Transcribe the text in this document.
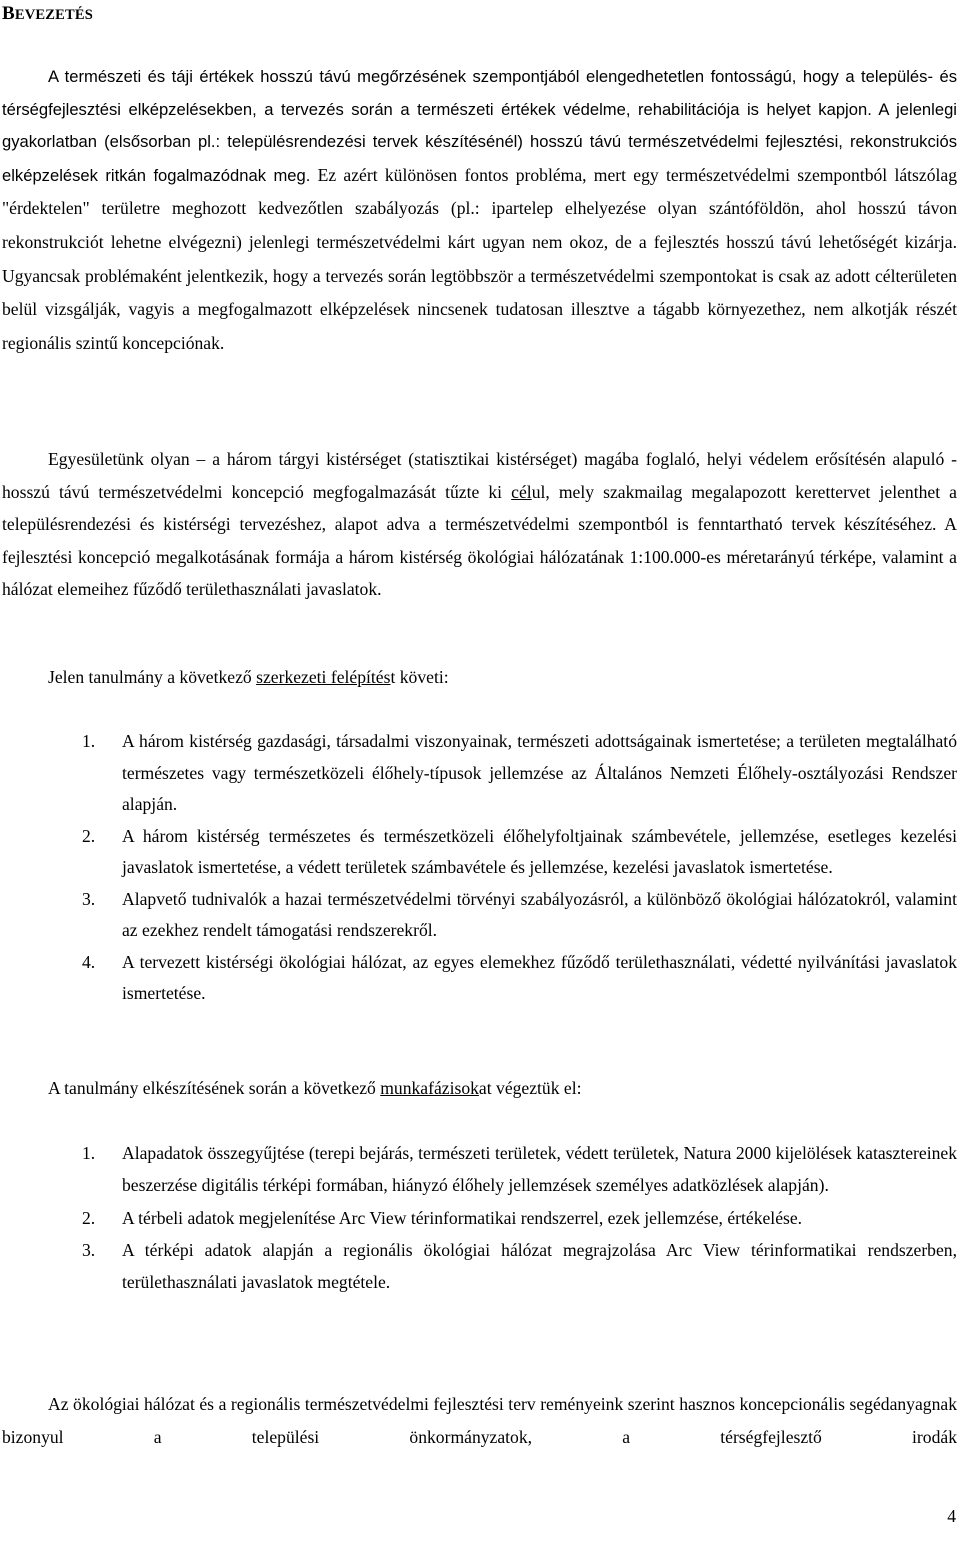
BEVEZETÉS

A természeti és táji értékek hosszú távú megőrzésének szempontjából elengedhetetlen fontosságú, hogy a település- és térségfejlesztési elképzelésekben, a tervezés során a természeti értékek védelme, rehabilitációja is helyet kapjon. A jelenlegi gyakorlatban (elsősorban pl.: településrendezési tervek készítésénél) hosszú távú természetvédelmi fejlesztési, rekonstrukciós elképzelések ritkán fogalmazódnak meg. Ez azért különösen fontos probléma, mert egy természetvédelmi szempontból látszólag "érdektelen" területre meghozott kedvezőtlen szabályozás (pl.: ipartelep elhelyezése olyan szántóföldön, ahol hosszú távon rekonstrukciót lehetne elvégezni) jelenlegi természetvédelmi kárt ugyan nem okoz, de a fejlesztés hosszú távú lehetőségét kizárja. Ugyancsak problémaként jelentkezik, hogy a tervezés során legtöbbször a természetvédelmi szempontokat is csak az adott célterületen belül vizsgálják, vagyis a megfogalmazott elképzelések nincsenek tudatosan illesztve a tágabb környezethez, nem alkotják részét regionális szintű koncepciónak.

Egyesületünk olyan – a három tárgyi kistérséget (statisztikai kistérséget) magába foglaló, helyi védelem erősítésén alapuló - hosszú távú természetvédelmi koncepció megfogalmazását tűzte ki célul, mely szakmailag megalapozott kerettervet jelenthet a településrendezési és kistérségi tervezéshez, alapot adva a természetvédelmi szempontból is fenntartható tervek készítéséhez. A fejlesztési koncepció megalkotásának formája a három kistérség ökológiai hálózatának 1:100.000-es méretarányú térképe, valamint a hálózat elemeihez fűződő területhasználati javaslatok.

Jelen tanulmány a következő szerkezeti felépítést követi:

1. A három kistérség gazdasági, társadalmi viszonyainak, természeti adottságainak ismertetése; a területen megtalálható természetes vagy természetközeli élőhely-típusok jellemzése az Általános Nemzeti Élőhely-osztályozási Rendszer alapján.
2. A három kistérség természetes és természetközeli élőhelyfoltjainak számbevétele, jellemzése, esetleges kezelési javaslatok ismertetése, a védett területek számbavétele és jellemzése, kezelési javaslatok ismertetése.
3. Alapvető tudnivalók a hazai természetvédelmi törvényi szabályozásról, a különböző ökológiai hálózatokról, valamint az ezekhez rendelt támogatási rendszerekről.
4. A tervezett kistérségi ökológiai hálózat, az egyes elemekhez fűződő területhasználati, védetté nyilvánítási javaslatok ismertetése.

A tanulmány elkészítésének során a következő munkafázisokat végeztük el:

1. Alapadatok összegyűjtése (terepi bejárás, természeti területek, védett területek, Natura 2000 kijelölések katasztereinek beszerzése digitális térképi formában, hiányzó élőhely jellemzések személyes adatközlések alapján).
2. A térbeli adatok megjelenítése Arc View térinformatikai rendszerrel, ezek jellemzése, értékelése.
3. A térképi adatok alapján a regionális ökológiai hálózat megrajzolása Arc View térinformatikai rendszerben, területhasználati javaslatok megtétele.

Az ökológiai hálózat és a regionális természetvédelmi fejlesztési terv reményeink szerint hasznos koncepcionális segédanyagnak bizonyul a települési önkormányzatok, a térségfejlesztő irodák

4
